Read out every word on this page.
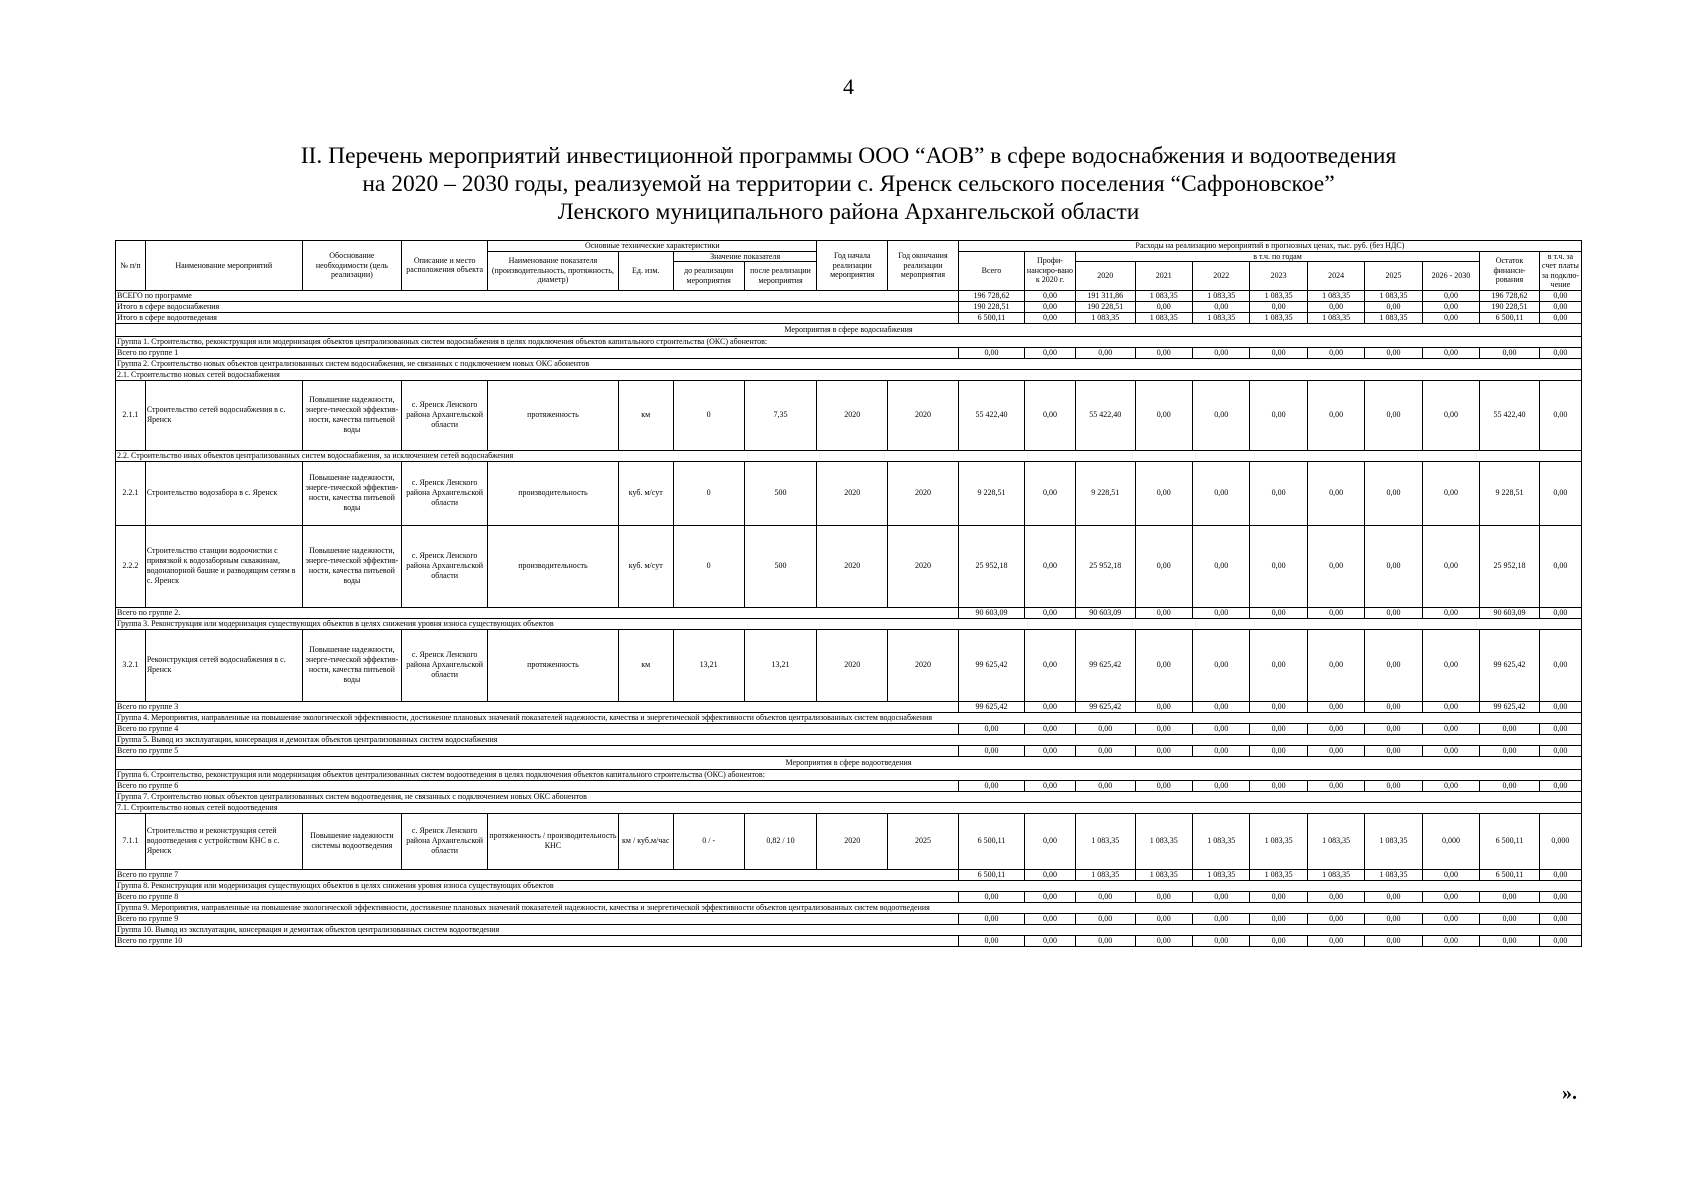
4
II. Перечень мероприятий инвестиционной программы ООО “АОВ” в сфере водоснабжения и водоотведения
на 2020 – 2030 годы, реализуемой на территории с. Яренск сельского поселения “Сафроновское”
Ленского муниципального района Архангельской области
№ п/п	Наименование мероприятий	Обоснование необходимости (цель реализации)	Описание и место расположения объекта	Основные технические характеристики				Год начала реализации мероприятия	Год окончания реализации мероприятия	Расходы на реализацию мероприятий в прогнозных ценах, тыс. руб. (без НДС)										
				Наименование показателя (производительность, протяжность, диаметр)	Ед. изм.	Значение показателя				Всего	Профи-нансиро-вано к 2020 г.	в т.ч. по годам							Остаток финанси-рования	в т.ч. за счет платы за подклю-чение
						до реализации мероприятия	после реализации мероприятия					2020	2021	2022	2023	2024	2025	2026 - 2030		

ВСЕГО по программе										196 728,62	0,00	191 311,86	1 083,35	1 083,35	1 083,35	1 083,35	1 083,35	0,00	196 728,62	0,00
Итого в сфере водоснабжения										190 228,51	0,00	190 228,51	0,00	0,00	0,00	0,00	0,00	0,00	190 228,51	0,00
Итого в сфере водоотведения										6 500,11	0,00	1 083,35	1 083,35	1 083,35	1 083,35	1 083,35	1 083,35	0,00	6 500,11	0,00
Мероприятия в сфере водоснабжения																				
Группа 1. Строительство, реконструкция или модернизация объектов централизованных систем водоснабжения в целях подключения объектов капитального строительства (ОКС) абонентов:																				
Всего по группе 1										0,00	0,00	0,00	0,00	0,00	0,00	0,00	0,00	0,00	0,00	0,00
Группа 2. Строительство новых объектов централизованных систем водоснабжения, не связанных с подключением новых ОКС абонентов																				
2.1. Строительство новых сетей водоснабжения																				
2.1.1	Строительство сетей водоснабжения в с. Яренск	Повышение надежности, энерге-тической эффектив-ности, качества питьевой воды	с. Яренск Ленского района Архангельской области	протяженность	км	0	7,35	2020	2020	55 422,40	0,00	55 422,40	0,00	0,00	0,00	0,00	0,00	0,00	55 422,40	0,00
2.2. Строительство иных объектов централизованных систем водоснабжения, за исключением сетей водоснабжения																				
2.2.1	Строительство водозабора в с. Яренск	Повышение надежности, энерге-тической эффектив-ности, качества питьевой воды	с. Яренск Ленского района Архангельской области	производительность	куб. м/сут	0	500	2020	2020	9 228,51	0,00	9 228,51	0,00	0,00	0,00	0,00	0,00	0,00	9 228,51	0,00
2.2.2	Строительство станции водоочистки с привязкой к водозаборным скважинам, водонапорной башне и разводящим сетям в с. Яренск	Повышение надежности, энерге-тической эффектив-ности, качества питьевой воды	с. Яренск Ленского района Архангельской области	производительность	куб. м/сут	0	500	2020	2020	25 952,18	0,00	25 952,18	0,00	0,00	0,00	0,00	0,00	0,00	25 952,18	0,00
Всего по группе 2.										90 603,09	0,00	90 603,09	0,00	0,00	0,00	0,00	0,00	0,00	90 603,09	0,00
Группа 3. Реконструкция или модернизация существующих объектов в целях снижения уровня износа существующих объектов																				
3.2.1	Реконструкция сетей водоснабжения в с. Яренск	Повышение надежности, энерге-тической эффектив-ности, качества питьевой воды	с. Яренск Ленского района Архангельской области	протяженность	км	13,21	13,21	2020	2020	99 625,42	0,00	99 625,42	0,00	0,00	0,00	0,00	0,00	0,00	99 625,42	0,00
Всего по группе 3										99 625,42	0,00	99 625,42	0,00	0,00	0,00	0,00	0,00	0,00	99 625,42	0,00
Группа 4. Мероприятия, направленные на повышение экологической эффективности, достижение плановых значений показателей надежности, качества и энергетической эффективности объектов централизованных систем водоснабжения																				
Всего по группе 4										0,00	0,00	0,00	0,00	0,00	0,00	0,00	0,00	0,00	0,00	0,00
Группа 5. Вывод из эксплуатации, консервация и демонтаж объектов централизованных систем водоснабжения																				
Всего по группе 5										0,00	0,00	0,00	0,00	0,00	0,00	0,00	0,00	0,00	0,00	0,00
Мероприятия в сфере водоотведения																				
Группа 6. Строительство, реконструкция или модернизация объектов централизованных систем водоотведения в целях подключения объектов капитального строительства (ОКС) абонентов:																				
Всего по группе 6										0,00	0,00	0,00	0,00	0,00	0,00	0,00	0,00	0,00	0,00	0,00
Группа 7. Строительство новых объектов централизованных систем водоотведения, не связанных с подключением новых ОКС абонентов																				
7.1. Строительство новых сетей водоотведения																				
7.1.1	Строительство и реконструкция сетей водоотведения с устройством КНС в с. Яренск	Повышение надежности системы водоотведения	с. Яренск Ленского района Архангельской области	протяженность / производительность КНС	км / куб.м/час	0 / -	0,82 / 10	2020	2025	6 500,11	0,00	1 083,35	1 083,35	1 083,35	1 083,35	1 083,35	1 083,35	0,000	6 500,11	0,000
Всего по группе 7										6 500,11	0,00	1 083,35	1 083,35	1 083,35	1 083,35	1 083,35	1 083,35	0,00	6 500,11	0,00
Группа 8. Реконструкция или модернизация существующих объектов в целях снижения уровня износа существующих объектов																				
Всего по группе 8										0,00	0,00	0,00	0,00	0,00	0,00	0,00	0,00	0,00	0,00	0,00
Группа 9. Мероприятия, направленные на повышение экологической эффективности, достижение плановых значений показателей надежности, качества и энергетической эффективности объектов централизованных систем водоотведения																				
Всего по группе 9										0,00	0,00	0,00	0,00	0,00	0,00	0,00	0,00	0,00	0,00	0,00
Группа 10. Вывод из эксплуатации, консервация и демонтаж объектов централизованных систем водоотведения																				
Всего по группе 10										0,00	0,00	0,00	0,00	0,00	0,00	0,00	0,00	0,00	0,00	0,00
».
